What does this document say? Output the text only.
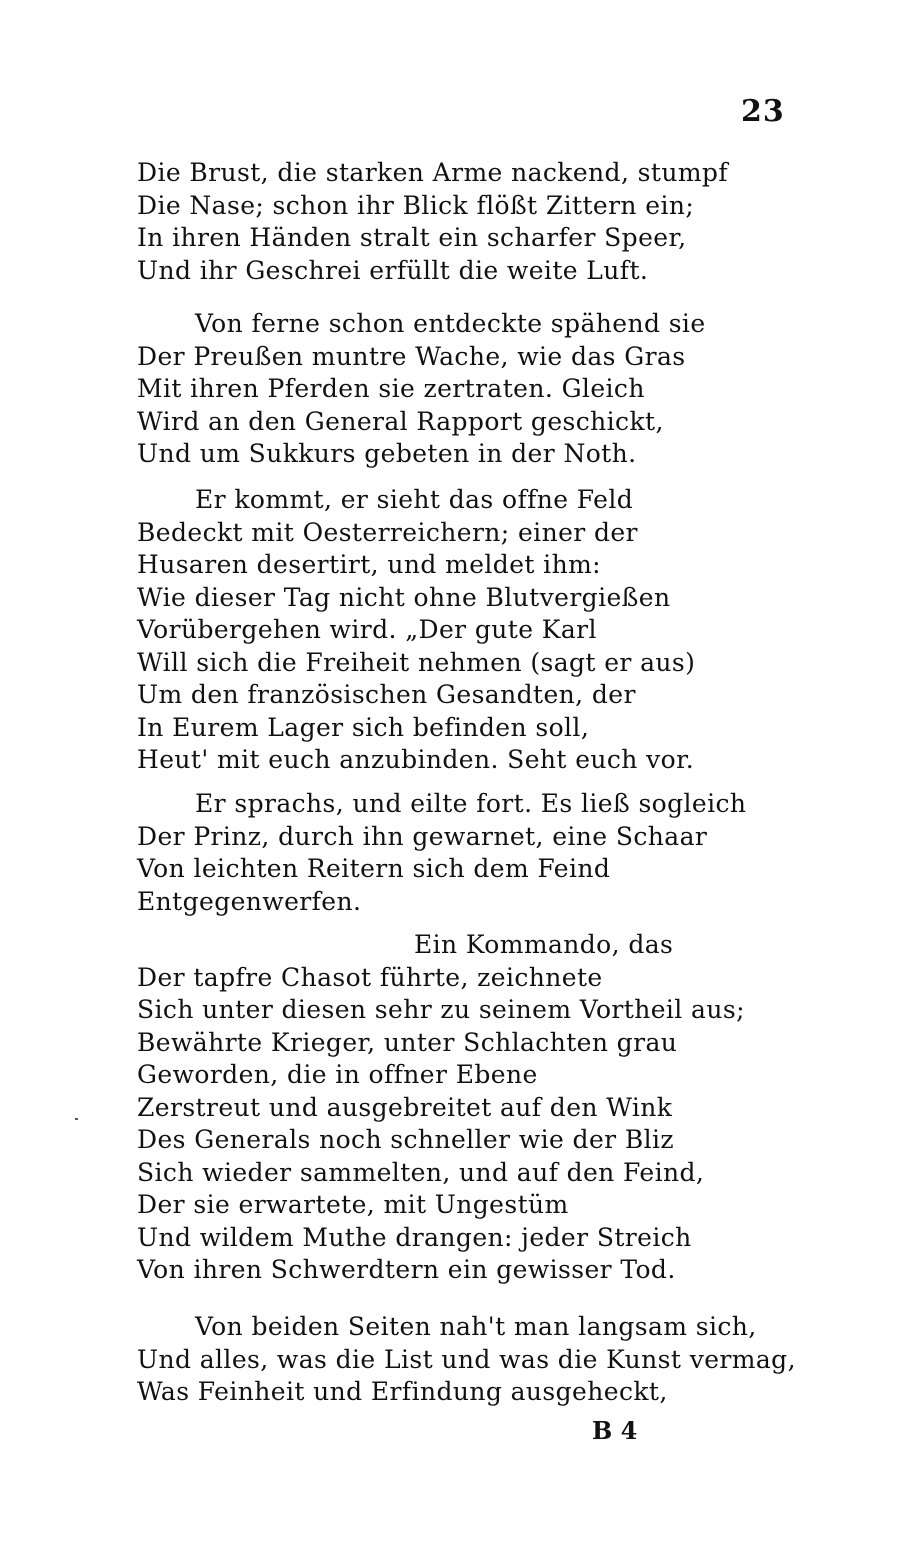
23
Die Brust, die starken Arme nackend, stumpf
Die Nase; schon ihr Blick flößt Zittern ein;
In ihren Händen stralt ein scharfer Speer,
Und ihr Geschrei erfüllt die weite Luft.
Von ferne schon entdeckte spähend sie
Der Preußen muntre Wache, wie das Gras
Mit ihren Pferden sie zertraten. Gleich
Wird an den General Rapport geschickt,
Und um Sukkurs gebeten in der Noth.
Er kommt, er sieht das offne Feld
Bedeckt mit Oesterreichern; einer der
Husaren desertirt, und meldet ihm:
Wie dieser Tag nicht ohne Blutvergießen
Vorübergehen wird. „Der gute Karl
Will sich die Freiheit nehmen (sagt er aus)
Um den französischen Gesandten, der
In Eurem Lager sich befinden soll,
Heut' mit euch anzubinden. Seht euch vor.
Er sprachs, und eilte fort. Es ließ sogleich
Der Prinz, durch ihn gewarnet, eine Schaar
Von leichten Reitern sich dem Feind
Entgegenwerfen.
Ein Kommando, das
Der tapfre Chasot führte, zeichnete
Sich unter diesen sehr zu seinem Vortheil aus;
Bewährte Krieger, unter Schlachten grau
Geworden, die in offner Ebene
Zerstreut und ausgebreitet auf den Wink
Des Generals noch schneller wie der Bliz
Sich wieder sammelten, und auf den Feind,
Der sie erwartete, mit Ungestüm
Und wildem Muthe drangen: jeder Streich
Von ihren Schwerdtern ein gewisser Tod.
Von beiden Seiten nah't man langsam sich,
Und alles, was die List und was die Kunst vermag,
Was Feinheit und Erfindung ausgeheckt,
B 4
